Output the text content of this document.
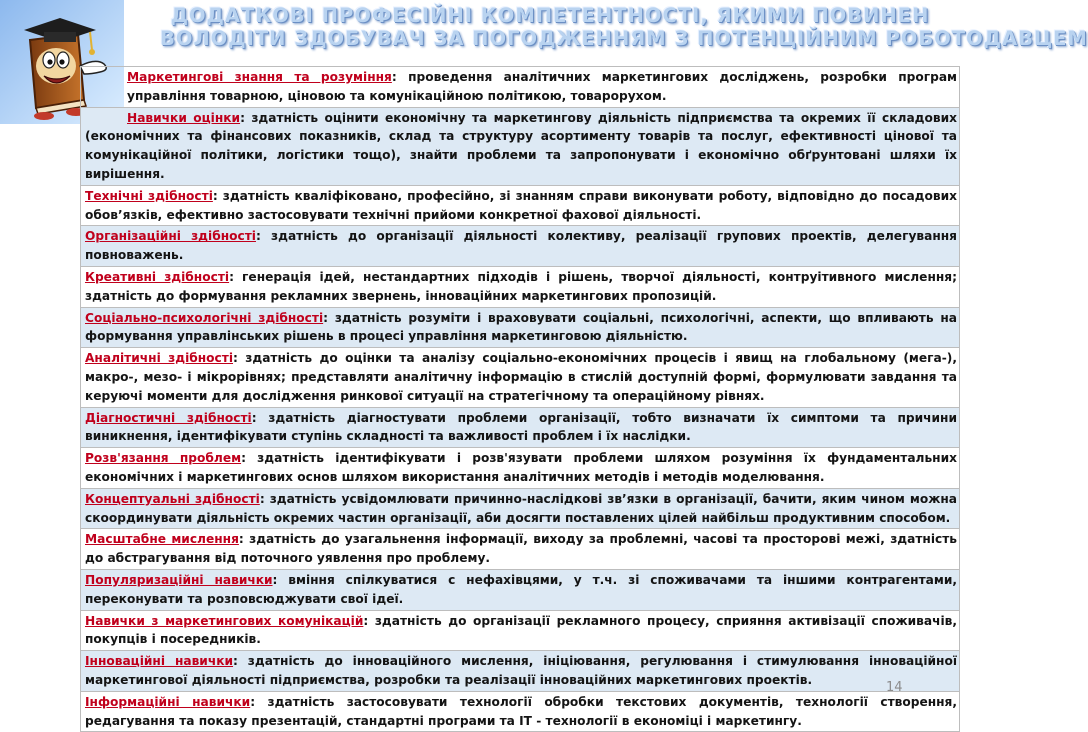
ДОДАТКОВІ ПРОФЕСІЙНІ КОМПЕТЕНТНОСТІ, ЯКИМИ ПОВИНЕН
ВОЛОДІТИ ЗДОБУВАЧ ЗА ПОГОДЖЕННЯМ З ПОТЕНЦІЙНИМ РОБОТОДАВЦЕМ
Маркетингові знання та розуміння: проведення аналітичних маркетингових досліджень, розробки програм управління товарною, ціновою та комунікаційною політикою, товарорухом.
Навички оцінки: здатність оцінити економічну та маркетингову діяльність підприємства та окремих її складових (економічних та фінансових показників, склад та структуру асортименту товарів та послуг, ефективності цінової та комунікаційної політики, логістики тощо), знайти проблеми та запропонувати і економічно обґрунтовані шляхи їх вирішення.
Технічні здібності: здатність кваліфіковано, професійно, зі знанням справи виконувати роботу, відповідно до посадових обов’язків, ефективно застосовувати технічні прийоми конкретної фахової діяльності.
Організаційні здібності: здатність до організації діяльності колективу, реалізації групових проектів, делегування повноважень.
Креативні здібності: генерація ідей, нестандартних підходів і рішень, творчої діяльності, контруітивного мислення; здатність до формування рекламних звернень, інноваційних маркетингових пропозицій.
Соціально-психологічні здібності: здатність розуміти і враховувати соціальні, психологічні, аспекти, що впливають на формування управлінських рішень в процесі управління маркетинговою діяльністю.
Аналітичні здібності: здатність до оцінки та аналізу соціально-економічних процесів і явищ на глобальному (мега-), макро-, мезо- і мікрорівнях; представляти аналітичну інформацію в стислій доступній формі, формулювати завдання та керуючі моменти для дослідження ринкової ситуації на стратегічному та операційному рівнях.
Діагностичні здібності: здатність діагностувати проблеми організації, тобто визначати їх симптоми та причини виникнення, ідентифікувати ступінь складності та важливості проблем і їх наслідки.
Розв'язання проблем: здатність ідентифікувати і розв'язувати проблеми шляхом розуміння їх фундаментальних економічних і маркетингових основ шляхом використання аналітичних методів і методів моделювання.
Концептуальні здібності: здатність усвідомлювати причинно-наслідкові зв’язки в організації, бачити, яким чином можна скоординувати діяльність окремих частин організації, аби досягти поставлених цілей найбільш продуктивним способом.
Масштабне мислення: здатність до узагальнення інформації, виходу за проблемні, часові та просторові межі, здатність до абстрагування від поточного уявлення про проблему.
Популяризаційні навички: вміння спілкуватися с нефахівцями, у т.ч. зі споживачами та іншими контрагентами, переконувати та розповсюджувати свої ідеї.
Навички з маркетингових комунікацій: здатність до організації рекламного процесу, сприяння активізації споживачів, покупців і посередників.
Інноваційні навички: здатність до інноваційного мислення, ініціювання, регулювання і стимулювання інноваційної маркетингової діяльності підприємства, розробки та реалізації інноваційних маркетингових проектів.
Інформаційні навички: здатність застосовувати технології обробки текстових документів, технології створення, редагування та показу презентацій, стандартні програми та ІТ - технології в економіці і маркетингу.
14
